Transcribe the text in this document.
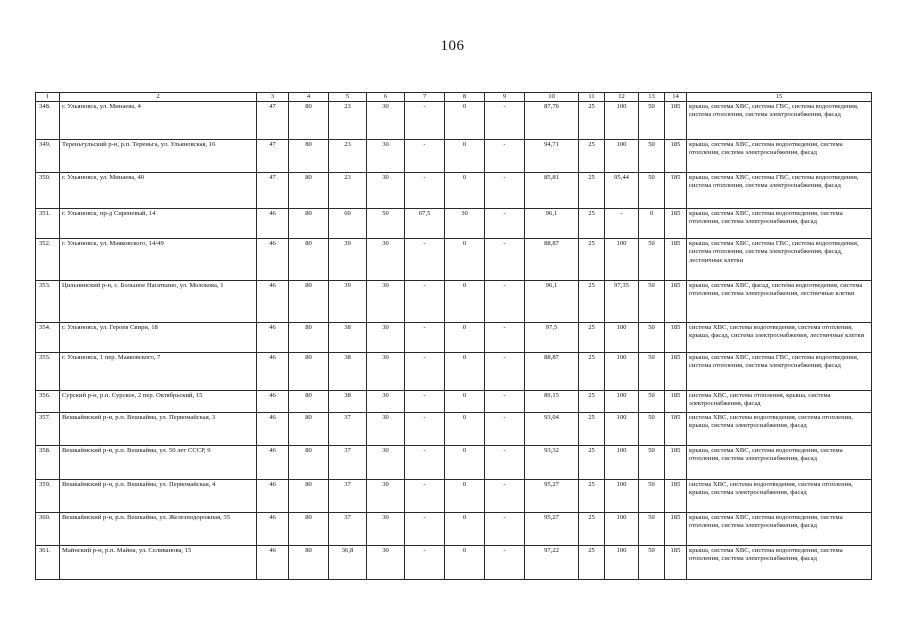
106
1	2	3	4	5	6	7	8	9	10	11	12	13	14	15
348.	г. Ульяновск, ул. Минаева, 4	47	80	23	30	-	0	-	87,76	25	100	50	185	крыша, система ХВС, система ГВС, система водоотведения, система отопления, система электроснабжения, фасад
349.	Тереньгульский р-н, р.п. Тереньга, ул. Ульяновская, 16	47	80	23	30	-	0	-	94,71	25	100	50	185	крыша, система ХВС, система водоотведения, система отопления, система электроснабжения, фасад
350.	г. Ульяновск, ул. Минаева, 40	47	80	23	30	-	0	-	85,81	25	95,44	50	185	крыша, система ХВС, система ГВС, система водоотведения, система отопления, система электроснабжения, фасад
351.	г. Ульяновск, пр-д Сиреневый, 14	46	80	60	50	67,5	30	-	96,1	25	-	0	185	крыша, система ХВС, система водоотведения, система отопления, система электроснабжения, фасад
352.	г. Ульяновск, ул. Маяковского, 14/49	46	80	39	30	-	0	-	88,87	25	100	50	185	крыша, система ХВС, система ГВС, система водоотведения, система отопления, система электроснабжения, фасад, лестничные клетки
353.	Цильнинский р-н, с. Большое Нагаткино, ул. Молокова, 1	46	80	39	30	-	0	-	96,1	25	97,35	50	185	крыша, система ХВС, фасад, система водоотведения, система отопления, система электроснабжения, лестничные клетки
354.	г. Ульяновск, ул. Героев Свири, 18	46	80	38	30	-	0	-	97,5	25	100	50	185	система ХВС, система водоотведения, система отопления, крыша, фасад, система электроснабжения, лестничные клетки
355.	г. Ульяновск, 1 пер. Маяковского, 7	46	80	38	30	-	0	-	88,87	25	100	50	185	крыша, система ХВС, система ГВС, система водоотведения, система отопления, система электроснабжения, фасад
356.	Сурский р-н, р.п. Сурское, 2 пер. Октябрьский, 15	46	80	38	30	-	0	-	89,15	25	100	50	185	система ХВС, система отопления, крыша, система электроснабжения, фасад
357.	Вешкаймский р-н, р.п. Вешкайма, ул. Первомайская, 3	46	80	37	30	-	0	-	93,04	25	100	50	185	система ХВС, система водоотведения, система отопления, крыша, система электроснабжения, фасад
358.	Вешкаймский р-н, р.п. Вешкайма, ул. 50 лет СССР, 9	46	80	37	30	-	0	-	93,32	25	100	50	185	крыша, система ХВС, система водоотведения, система отопления, система электроснабжения, фасад
359.	Вешкаймский р-н, р.п. Вешкайма, ул. Первомайская, 4	46	80	37	30	-	0	-	95,27	25	100	50	185	система ХВС, система водоотведения, система отопления, крыша, система электроснабжения, фасад
360.	Вешкаймский р-н, р.п. Вешкайма, ул. Железнодорожная, 35	46	80	37	30	-	0	-	95,27	25	100	50	185	крыша, система ХВС, система водоотведения, система отопления, система электроснабжения, фасад
361.	Майнский р-н, р.п. Майна, ул. Селиванова, 15	46	80	36,8	30	-	0	-	97,22	25	100	50	185	крыша, система ХВС, система водоотведения, система отопления, система электроснабжения, фасад
